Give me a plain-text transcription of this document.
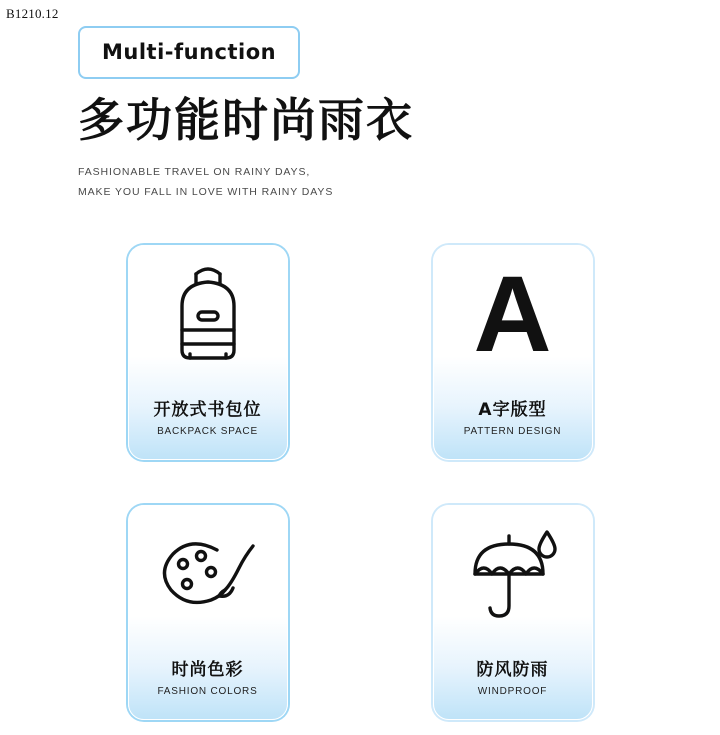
B1210.12
Multi-function
多功能时尚雨衣
FASHIONABLE TRAVEL ON RAINY DAYS,
MAKE YOU FALL IN LOVE WITH RAINY DAYS
开放式书包位
BACKPACK SPACE
A
A字版型
PATTERN DESIGN
时尚色彩
FASHION COLORS
防风防雨
WINDPROOF
